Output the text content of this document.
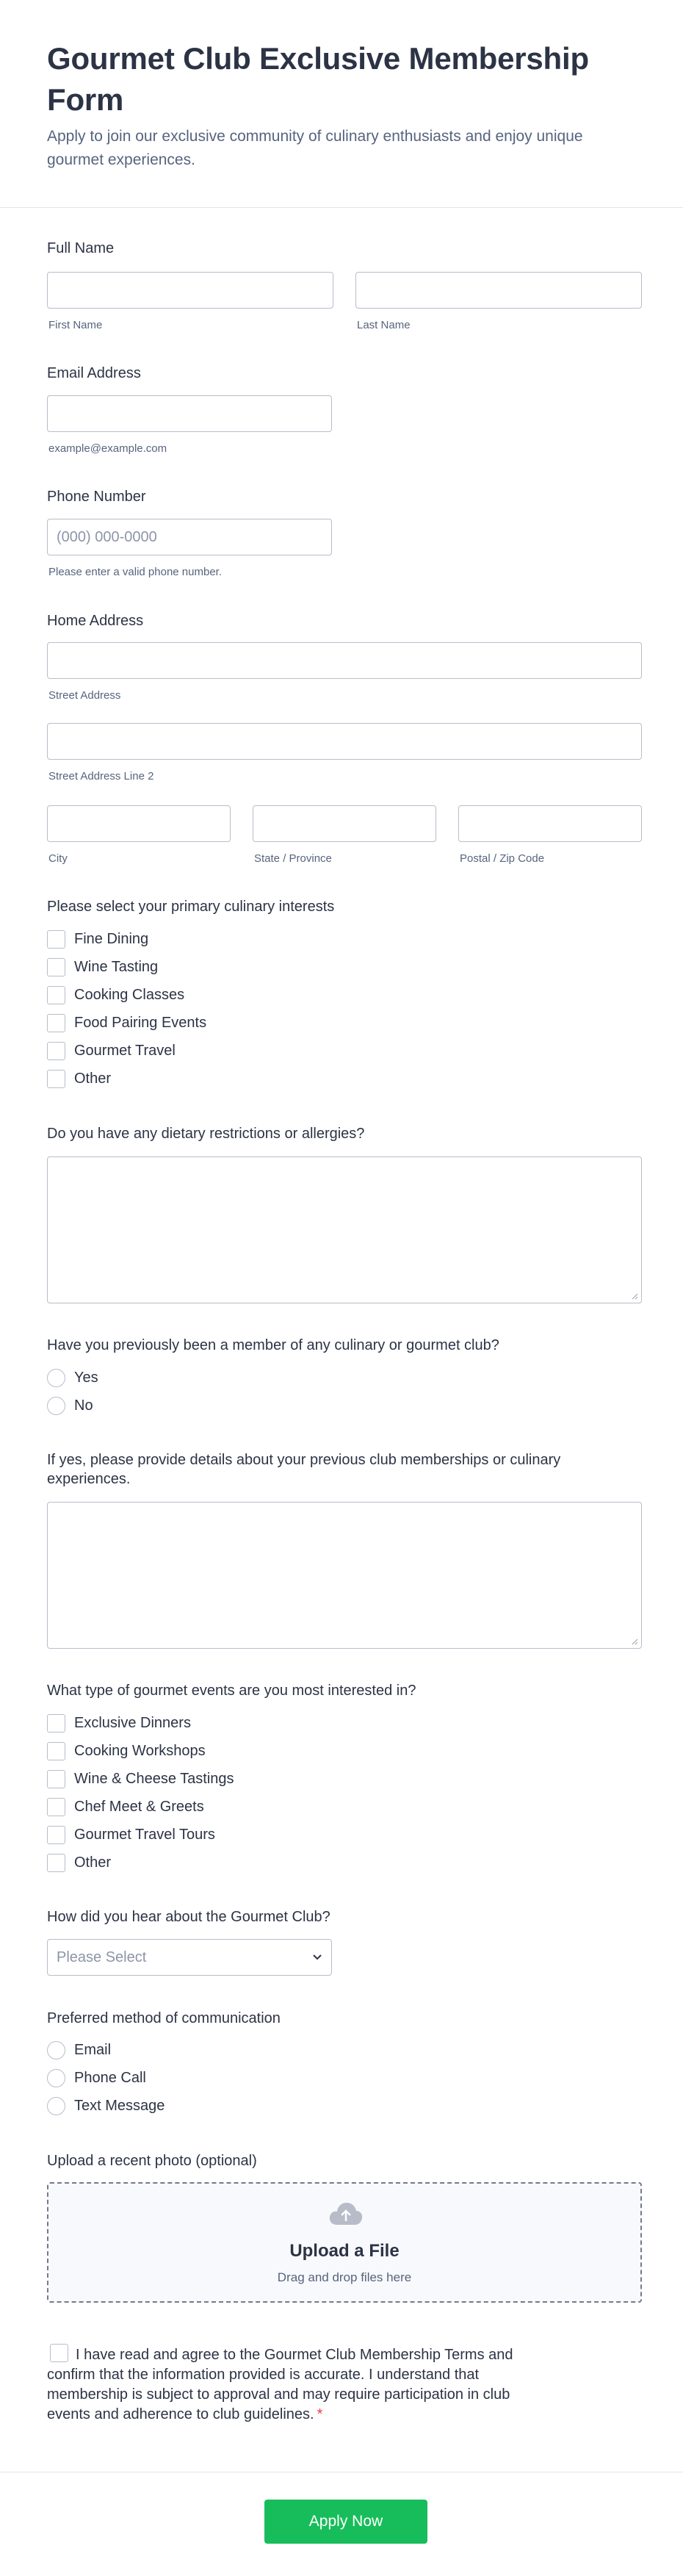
Gourmet Club Exclusive Membership Form

Apply to join our exclusive community of culinary enthusiasts and enjoy unique gourmet experiences.

Full Name
First Name	Last Name
Email Address
example@example.com
Phone Number
(000) 000-0000
Please enter a valid phone number.
Home Address
Street Address
Street Address Line 2
City	State / Province	Postal / Zip Code
Please select your primary culinary interests
Fine Dining
Wine Tasting
Cooking Classes
Food Pairing Events
Gourmet Travel
Other
Do you have any dietary restrictions or allergies?
Have you previously been a member of any culinary or gourmet club?
Yes
No
If yes, please provide details about your previous club memberships or culinary experiences.
What type of gourmet events are you most interested in?
Exclusive Dinners
Cooking Workshops
Wine & Cheese Tastings
Chef Meet & Greets
Gourmet Travel Tours
Other
How did you hear about the Gourmet Club?
Please Select
Preferred method of communication
Email
Phone Call
Text Message
Upload a recent photo (optional)
Upload a File
Drag and drop files here
I have read and agree to the Gourmet Club Membership Terms and confirm that the information provided is accurate. I understand that membership is subject to approval and may require participation in club events and adherence to club guidelines. *
Apply Now
